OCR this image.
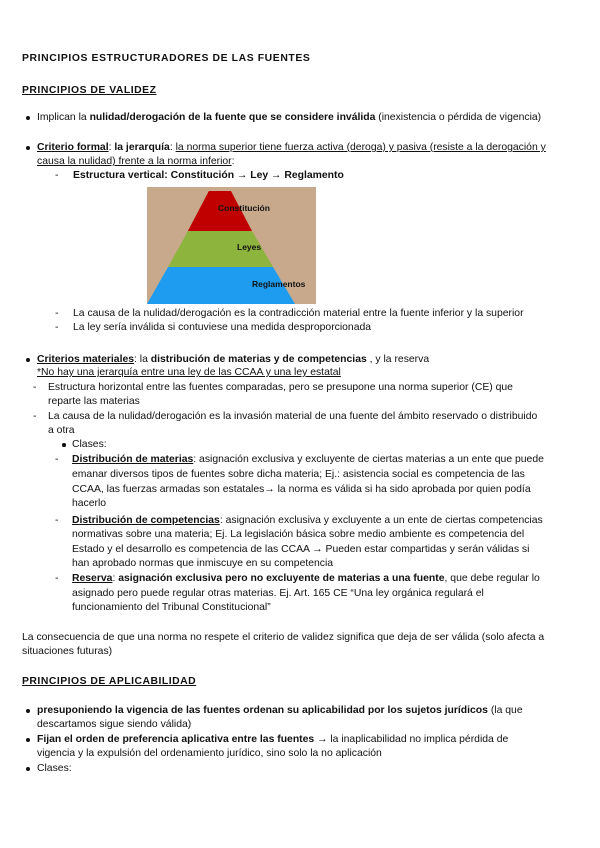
PRINCIPIOS ESTRUCTURADORES DE LAS FUENTES
PRINCIPIOS DE VALIDEZ
Implican la nulidad/derogación de la fuente que se considere inválida (inexistencia o pérdida de vigencia)
Criterio formal: la jerarquía: la norma superior tiene fuerza activa (deroga) y pasiva (resiste a la derogación y
causa la nulidad) frente a la norma inferior:
- Estructura vertical: Constitución → Ley → Reglamento
Constitución
Leyes
Reglamentos
- La causa de la nulidad/derogación es la contradicción material entre la fuente inferior y la superior
- La ley sería inválida si contuviese una medida desproporcionada
Criterios materiales: la distribución de materias y de competencias , y la reserva
*No hay una jerarquía entre una ley de las CCAA y una ley estatal
- Estructura horizontal entre las fuentes comparadas, pero se presupone una norma superior (CE) que
reparte las materias
- La causa de la nulidad/derogación es la invasión material de una fuente del ámbito reservado o distribuido
a otra
Clases:
- Distribución de materias: asignación exclusiva y excluyente de ciertas materias a un ente que puede
emanar diversos tipos de fuentes sobre dicha materia; Ej.: asistencia social es competencia de las
CCAA, las fuerzas armadas son estatales→ la norma es válida si ha sido aprobada por quien podía
hacerlo
- Distribución de competencias: asignación exclusiva y excluyente a un ente de ciertas competencias
normativas sobre una materia; Ej. La legislación básica sobre medio ambiente es competencia del
Estado y el desarrollo es competencia de las CCAA → Pueden estar compartidas y serán válidas si
han aprobado normas que inmiscuye en su competencia
- Reserva: asignación exclusiva pero no excluyente de materias a una fuente, que debe regular lo
asignado pero puede regular otras materias. Ej. Art. 165 CE “Una ley orgánica regulará el
funcionamiento del Tribunal Constitucional”
La consecuencia de que una norma no respete el criterio de validez significa que deja de ser válida (solo afecta a
situaciones futuras)
PRINCIPIOS DE APLICABILIDAD
presuponiendo la vigencia de las fuentes ordenan su aplicabilidad por los sujetos jurídicos (la que
descartamos sigue siendo válida)
Fijan el orden de preferencia aplicativa entre las fuentes → la inaplicabilidad no implica pérdida de
vigencia y la expulsión del ordenamiento jurídico, sino solo la no aplicación
Clases:
